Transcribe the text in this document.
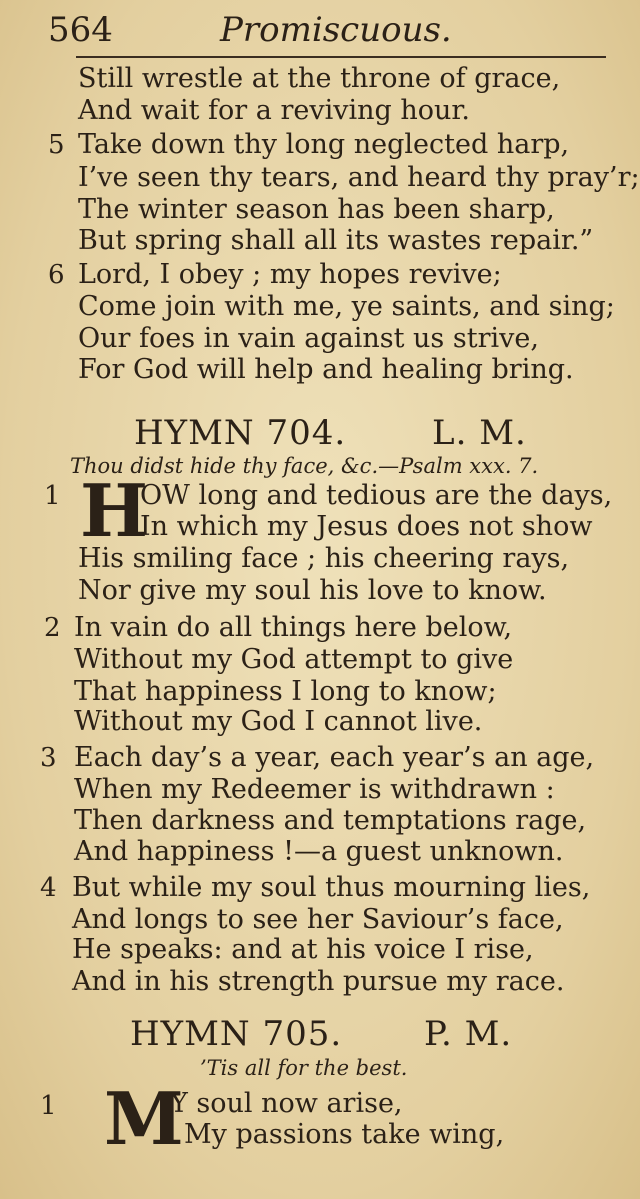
564	Promiscuous.
Still wrestle at the throne of grace,
And wait for a reviving hour.
5 Take down thy long neglected harp,
I’ve seen thy tears, and heard thy pray’r;
The winter season has been sharp,
But spring shall all its wastes repair.”
6 Lord, I obey ; my hopes revive;
Come join with me, ye saints, and sing;
Our foes in vain against us strive,
For God will help and healing bring.
HYMN 704.	L. M.
Thou didst hide thy face, &c.—Psalm xxx. 7.
1 H
OW long and tedious are the days,
In which my Jesus does not show
His smiling face ; his cheering rays,
Nor give my soul his love to know.
2 In vain do all things here below,
Without my God attempt to give
That happiness I long to know;
Without my God I cannot live.
3 Each day’s a year, each year’s an age,
When my Redeemer is withdrawn :
Then darkness and temptations rage,
And happiness !—a guest unknown.
4 But while my soul thus mourning lies,
And longs to see her Saviour’s face,
He speaks: and at his voice I rise,
And in his strength pursue my race.
HYMN 705. P. M.
’Tis all for the best.
1 M
Y soul now arise,
My passions take wing,
